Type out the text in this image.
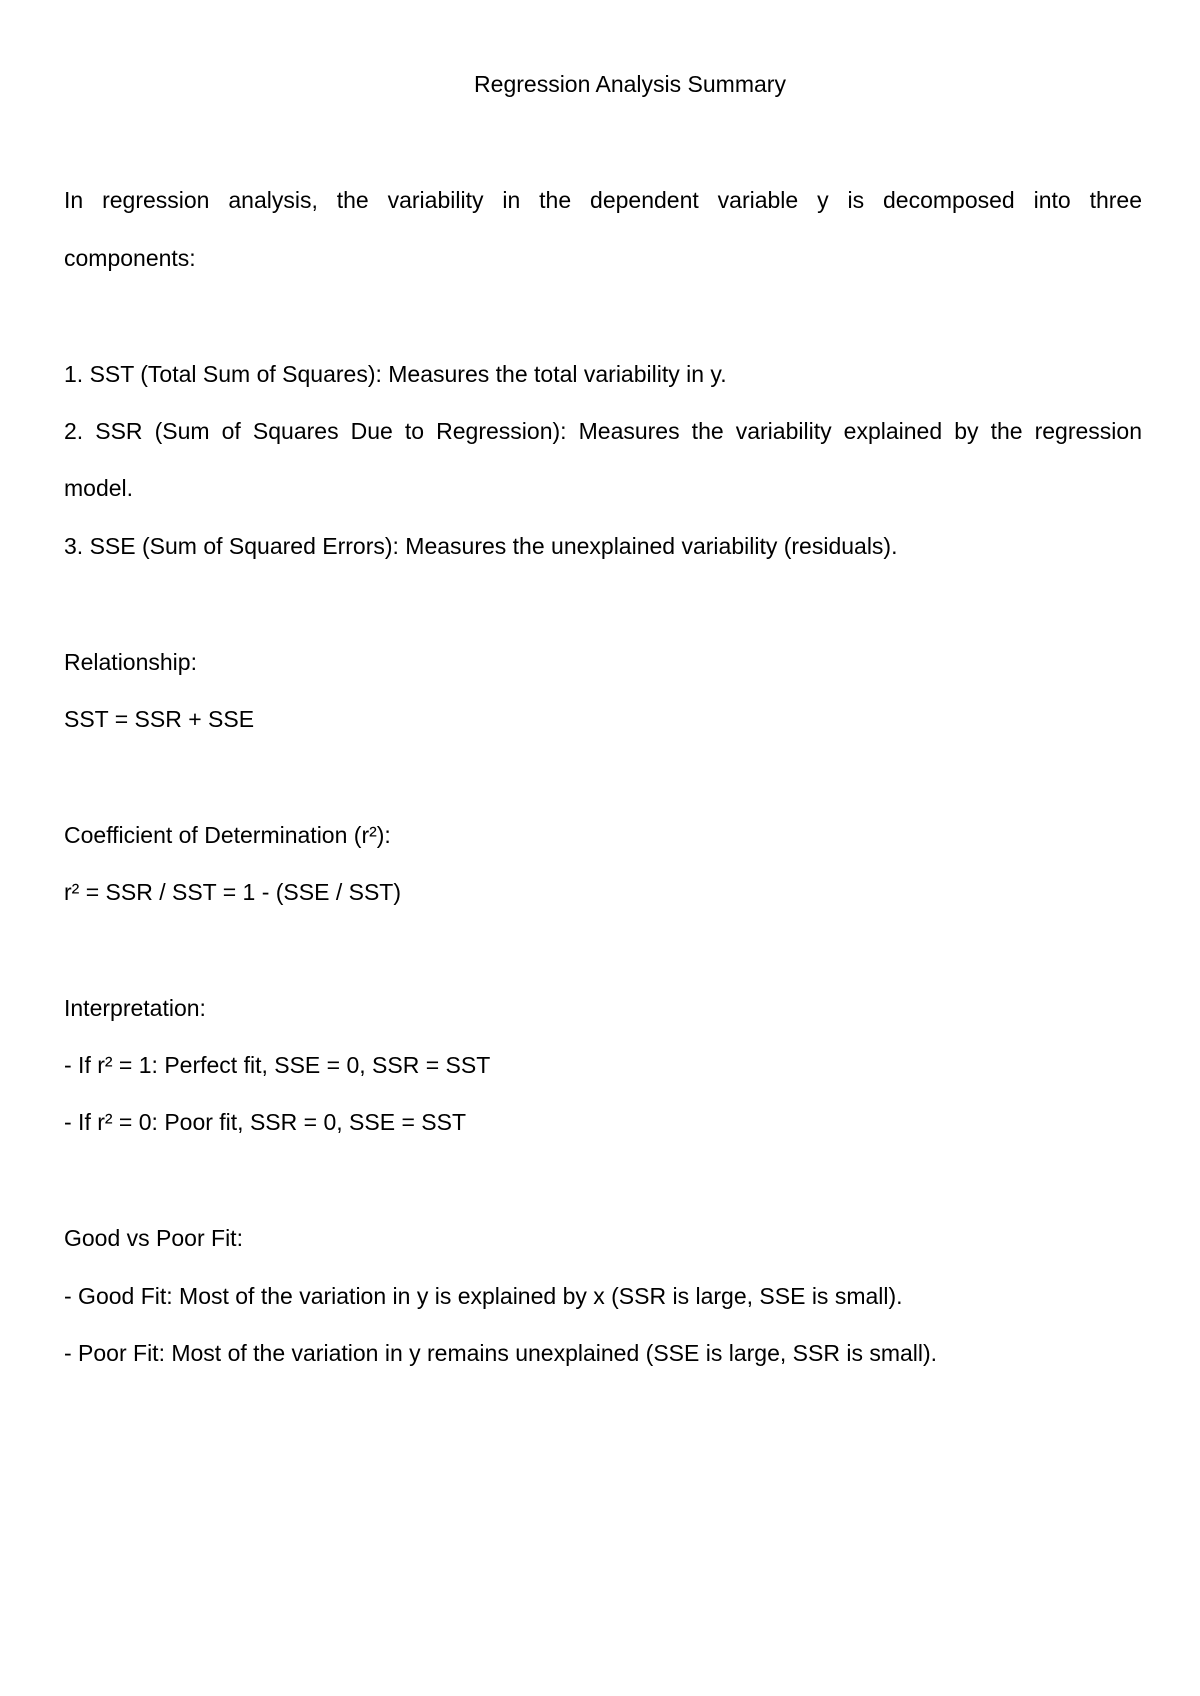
Regression Analysis Summary

In regression analysis, the variability in the dependent variable y is decomposed into three

components:

1. SST (Total Sum of Squares): Measures the total variability in y.

2. SSR (Sum of Squares Due to Regression): Measures the variability explained by the regression

model.

3. SSE (Sum of Squared Errors): Measures the unexplained variability (residuals).

Relationship:

SST = SSR + SSE

Coefficient of Determination (r²):

r² = SSR / SST = 1 - (SSE / SST)

Interpretation:

- If r² = 1: Perfect fit, SSE = 0, SSR = SST

- If r² = 0: Poor fit, SSR = 0, SSE = SST

Good vs Poor Fit:

- Good Fit: Most of the variation in y is explained by x (SSR is large, SSE is small).

- Poor Fit: Most of the variation in y remains unexplained (SSE is large, SSR is small).
